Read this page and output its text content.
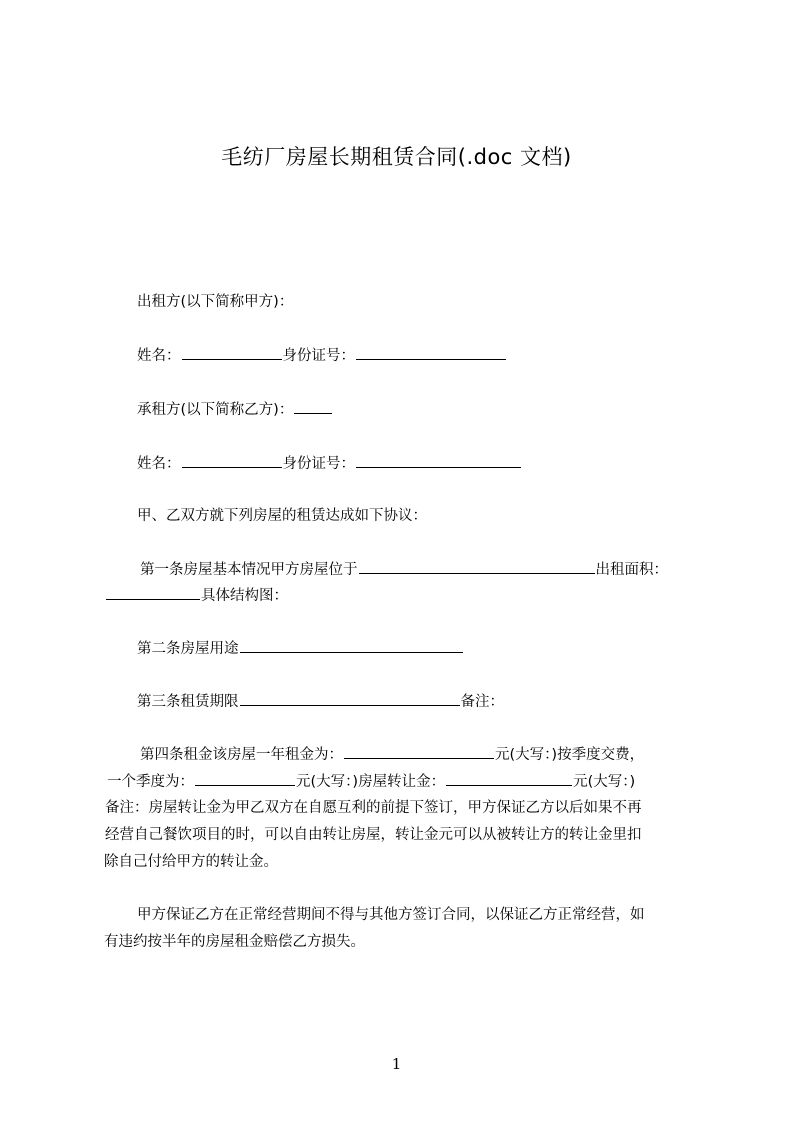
毛纺厂房屋长期租赁合同(.doc 文档)
出租方(以下简称甲方)：
姓名：	身份证号：
承租方(以下简称乙方)：
姓名：	身份证号：
甲、乙双方就下列房屋的租赁达成如下协议：
第一条房屋基本情况甲方房屋位于	出租面积：
具体结构图：
第二条房屋用途
第三条租赁期限	备注：
第四条租金该房屋一年租金为：	元(大写：)按季度交费，
一个季度为：	元(大写：)房屋转让金：	元(大写：)
备注：房屋转让金为甲乙双方在自愿互利的前提下签订，甲方保证乙方以后如果不再
经营自己餐饮项目的时，可以自由转让房屋，转让金元可以从被转让方的转让金里扣
除自己付给甲方的转让金。
甲方保证乙方在正常经营期间不得与其他方签订合同，以保证乙方正常经营，如
有违约按半年的房屋租金赔偿乙方损失。
1
